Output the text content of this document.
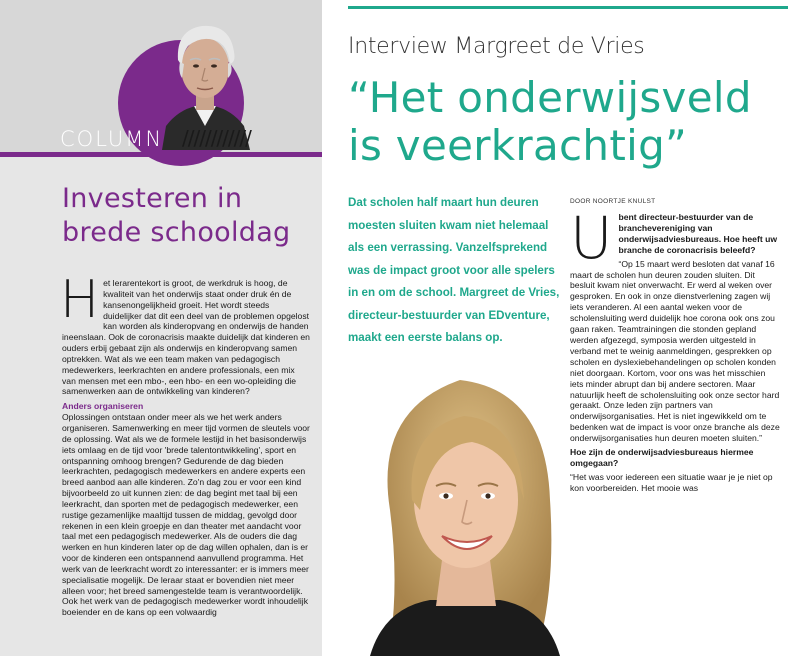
COLUMN ////////////
Investeren in brede schooldag

Het lerarentekort is groot, de werkdruk is hoog, de kwaliteit van het onderwijs staat onder druk én de kansenongelijkheid groeit. Het wordt steeds duidelijker dat dit een deel van de problemen opgelost kan worden als kinderopvang en onderwijs de handen ineenslaan. Ook de coronacrisis maakte duidelijk dat kinderen en ouders erbij gebaat zijn als onderwijs en kinderopvang samen optrekken. Wat als we een team maken van pedagogisch medewerkers, leerkrachten en andere professionals, een mix van mensen met een mbo-, een hbo- en een wo-opleiding die samenwerken aan de ontwikkeling van kinderen?

Anders organiseren

Oplossingen ontstaan onder meer als we het werk anders organiseren. Samenwerking en meer tijd vormen de sleutels voor de oplossing. Wat als we de formele lestijd in het basisonderwijs iets omlaag en de tijd voor 'brede talentontwikkeling', sport en ontspanning omhoog brengen? Gedurende de dag bieden leerkrachten, pedagogisch medewerkers en andere experts een breed aanbod aan alle kinderen. Zo'n dag zou er voor een kind bijvoorbeeld zo uit kunnen zien: de dag begint met taal bij een leerkracht, dan sporten met de pedagogisch medewerker, een rustige gezamenlijke maaltijd tussen de middag, gevolgd door rekenen in een klein groepje en dan theater met aandacht voor taal met een pedagogisch medewerker. Als de ouders die dag werken en hun kinderen later op de dag willen ophalen, dan is er voor de kinderen een ontspannend aanvullend programma. Het werk van de leerkracht wordt zo interessanter: er is immers meer specialisatie mogelijk. De leraar staat er bovendien niet meer alleen voor; het breed samengestelde team is verantwoordelijk. Ook het werk van de pedagogisch medewerker wordt inhoudelijk boeiender en de kans op een volwaardig

Interview Margreet de Vries
“Het onderwijsveld is veerkrachtig”
Dat scholen half maart hun deuren moesten sluiten kwam niet helemaal als een verrassing. Vanzelfsprekend was de impact groot voor alle spelers in en om de school. Margreet de Vries, directeur-bestuurder van EDventure, maakt een eerste balans op.
DOOR NOORTJE KNULST

Ubent directeur-bestuurder van de branchevereniging van onderwijsadviesbureaus. Hoe heeft uw branche de coronacrisis beleefd?

“Op 15 maart werd besloten dat vanaf 16 maart de scholen hun deuren zouden sluiten. Dit besluit kwam niet onverwacht. Er werd al weken over gesproken. En ook in onze dienstverlening zagen wij iets veranderen. Al een aantal weken voor de scholensluiting werd duidelijk hoe corona ook ons zou gaan raken. Teamtrainingen die stonden gepland werden afgezegd, symposia werden uitgesteld in verband met te weinig aanmeldingen, gesprekken op scholen en dyslexiebehandelingen op scholen konden niet doorgaan. Kortom, voor ons was het misschien iets minder abrupt dan bij andere sectoren. Maar natuurlijk heeft de scholensluiting ook onze sector hard geraakt. Onze leden zijn partners van onderwijsorganisaties. Het is niet ingewikkeld om te bedenken wat de impact is voor onze branche als deze onderwijsorganisaties hun deuren moeten sluiten.”

Hoe zijn de onderwijsadviesbureaus hiermee omgegaan?

“Het was voor iedereen een situatie waar je je niet op kon voorbereiden. Het mooie was
